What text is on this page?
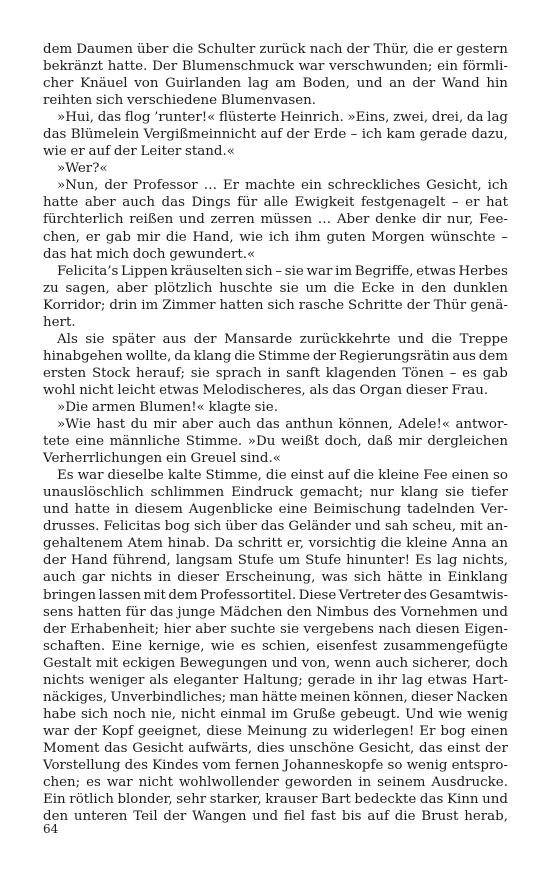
dem Daumen über die Schulter zurück nach der Thür, die er gestern
bekränzt hatte. Der Blumenschmuck war verschwunden; ein förmli-
cher Knäuel von Guirlanden lag am Boden, und an der Wand hin
reihten sich verschiedene Blumenvasen.
»Hui, das flog ’runter!« flüsterte Heinrich. »Eins, zwei, drei, da lag
das Blümelein Vergißmeinnicht auf der Erde – ich kam gerade dazu,
wie er auf der Leiter stand.«
»Wer?«
»Nun, der Professor … Er machte ein schreckliches Gesicht, ich
hatte aber auch das Dings für alle Ewigkeit festgenagelt – er hat
fürchterlich reißen und zerren müssen … Aber denke dir nur, Fee-
chen, er gab mir die Hand, wie ich ihm guten Morgen wünschte –
das hat mich doch gewundert.«
Felicita’s Lippen kräuselten sich – sie war im Begriffe, etwas Herbes
zu sagen, aber plötzlich huschte sie um die Ecke in den dunklen
Korridor; drin im Zimmer hatten sich rasche Schritte der Thür genä-
hert.
Als sie später aus der Mansarde zurückkehrte und die Treppe
hinabgehen wollte, da klang die Stimme der Regierungsrätin aus dem
ersten Stock herauf; sie sprach in sanft klagenden Tönen – es gab
wohl nicht leicht etwas Melodischeres, als das Organ dieser Frau.
»Die armen Blumen!« klagte sie.
»Wie hast du mir aber auch das anthun können, Adele!« antwor-
tete eine männliche Stimme. »Du weißt doch, daß mir dergleichen
Verherrlichungen ein Greuel sind.«
Es war dieselbe kalte Stimme, die einst auf die kleine Fee einen so
unauslöschlich schlimmen Eindruck gemacht; nur klang sie tiefer
und hatte in diesem Augenblicke eine Beimischung tadelnden Ver-
drusses. Felicitas bog sich über das Geländer und sah scheu, mit an-
gehaltenem Atem hinab. Da schritt er, vorsichtig die kleine Anna an
der Hand führend, langsam Stufe um Stufe hinunter! Es lag nichts,
auch gar nichts in dieser Erscheinung, was sich hätte in Einklang
bringen lassen mit dem Professortitel. Diese Vertreter des Gesamtwis-
sens hatten für das junge Mädchen den Nimbus des Vornehmen und
der Erhabenheit; hier aber suchte sie vergebens nach diesen Eigen-
schaften. Eine kernige, wie es schien, eisenfest zusammengefügte
Gestalt mit eckigen Bewegungen und von, wenn auch sicherer, doch
nichts weniger als eleganter Haltung; gerade in ihr lag etwas Hart-
näckiges, Unverbindliches; man hätte meinen können, dieser Nacken
habe sich noch nie, nicht einmal im Gruße gebeugt. Und wie wenig
war der Kopf geeignet, diese Meinung zu widerlegen! Er bog einen
Moment das Gesicht aufwärts, dies unschöne Gesicht, das einst der
Vorstellung des Kindes vom fernen Johanneskopfe so wenig entspro-
chen; es war nicht wohlwollender geworden in seinem Ausdrucke.
Ein rötlich blonder, sehr starker, krauser Bart bedeckte das Kinn und
den unteren Teil der Wangen und fiel fast bis auf die Brust herab,
64
